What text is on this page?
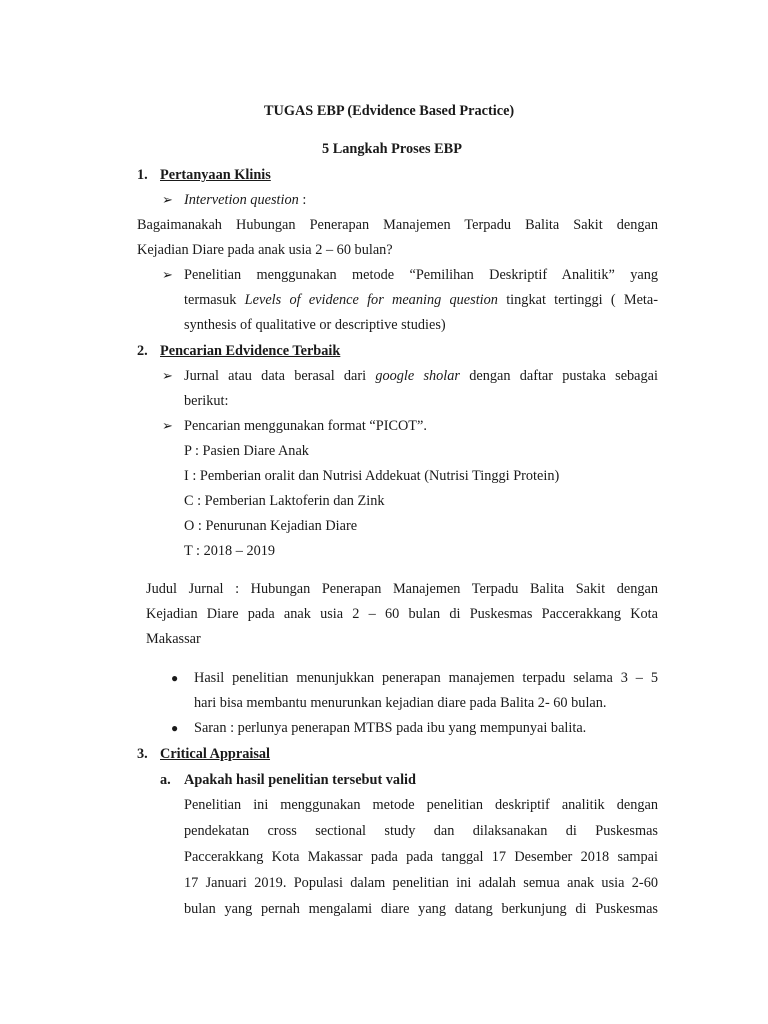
TUGAS EBP (Edvidence Based Practice)
5 Langkah Proses EBP
1. Pertanyaan Klinis
➢ Intervetion question :
Bagaimanakah Hubungan Penerapan Manajemen Terpadu Balita Sakit dengan
Kejadian Diare pada anak usia 2 – 60 bulan?
➢ Penelitian menggunakan metode “Pemilihan Deskriptif Analitik” yang
termasuk Levels of evidence for meaning question tingkat tertinggi ( Meta-
synthesis of qualitative or descriptive studies)
2. Pencarian Edvidence Terbaik
➢ Jurnal atau data berasal dari google sholar dengan daftar pustaka sebagai
berikut:
➢ Pencarian menggunakan format “PICOT”.
P : Pasien Diare Anak
I : Pemberian oralit dan Nutrisi Addekuat (Nutrisi Tinggi Protein)
C : Pemberian Laktoferin dan Zink
O : Penurunan Kejadian Diare
T : 2018 – 2019
Judul Jurnal : Hubungan Penerapan Manajemen Terpadu Balita Sakit dengan
Kejadian Diare pada anak usia 2 – 60 bulan di Puskesmas Paccerakkang Kota
Makassar
● Hasil penelitian menunjukkan penerapan manajemen terpadu selama 3 – 5
hari bisa membantu menurunkan kejadian diare pada Balita 2- 60 bulan.
● Saran : perlunya penerapan MTBS pada ibu yang mempunyai balita.
3. Critical Appraisal
a. Apakah hasil penelitian tersebut valid
Penelitian ini menggunakan metode penelitian deskriptif analitik dengan
pendekatan cross sectional study dan dilaksanakan di Puskesmas
Paccerakkang Kota Makassar pada pada tanggal 17 Desember 2018 sampai
17 Januari 2019. Populasi dalam penelitian ini adalah semua anak usia 2-60
bulan yang pernah mengalami diare yang datang berkunjung di Puskesmas
